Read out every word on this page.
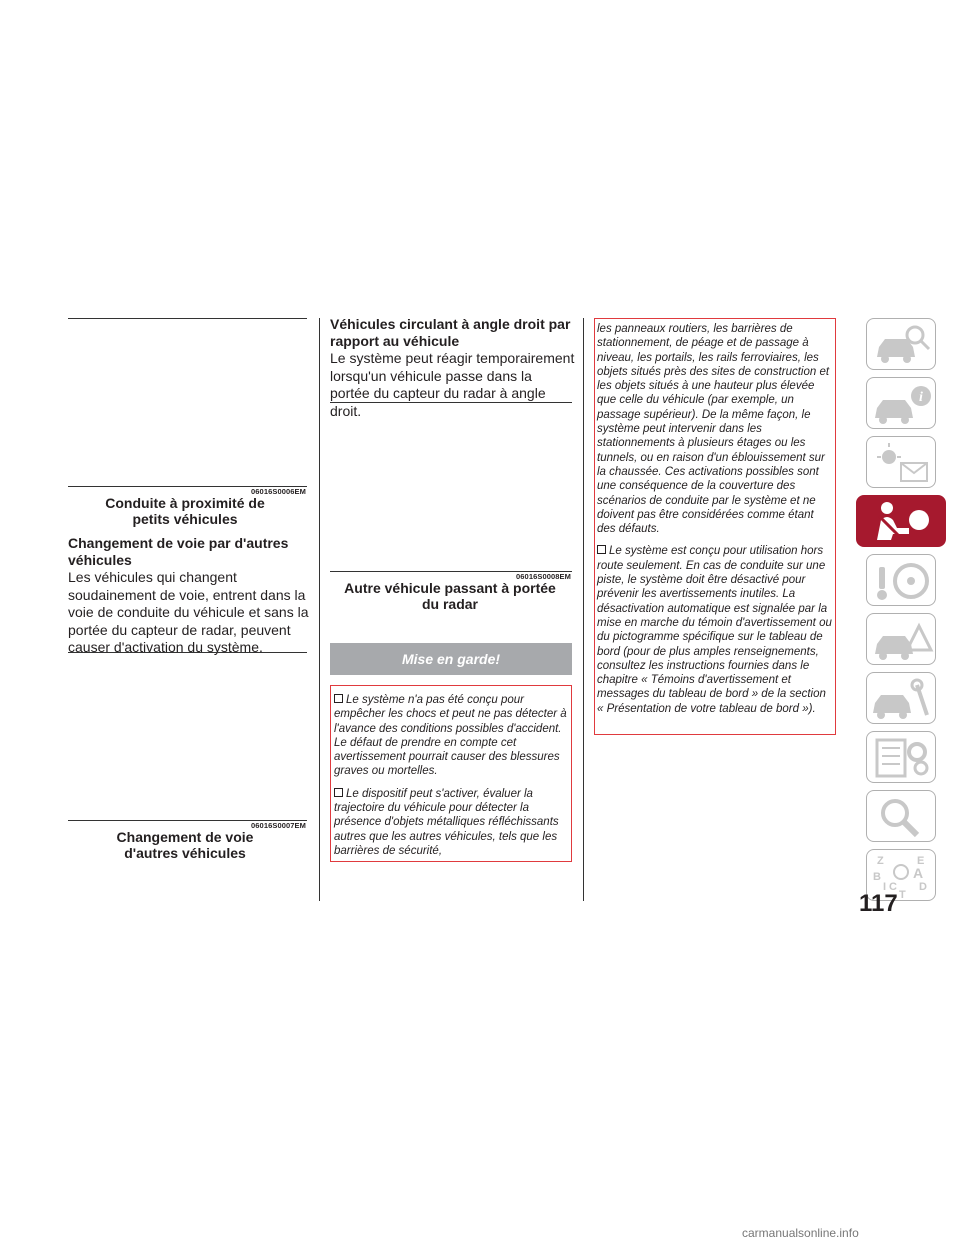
06016S0006EM
Conduite à proximité de petits véhicules
Changement de voie par d'autres véhicules
Les véhicules qui changent soudainement de voie, entrent dans la voie de conduite du véhicule et sans la portée du capteur de radar, peuvent causer d'activation du système.
06016S0007EM
Changement de voie d'autres véhicules
Véhicules circulant à angle droit par rapport au véhicule
Le système peut réagir temporairement lorsqu'un véhicule passe dans la portée du capteur du radar à angle droit.
06016S0008EM
Autre véhicule passant à portée du radar
Mise en garde!
Le système n'a pas été conçu pour empêcher les chocs et peut ne pas détecter à l'avance des conditions possibles d'accident. Le défaut de prendre en compte cet avertissement pourrait causer des blessures graves ou mortelles.
Le dispositif peut s'activer, évaluer la trajectoire du véhicule pour détecter la présence d'objets métalliques réfléchissants autres que les autres véhicules, tels que les barrières de sécurité,
les panneaux routiers, les barrières de stationnement, de péage et de passage à niveau, les portails, les rails ferroviaires, les objets situés près des sites de construction et les objets situés à une hauteur plus élevée que celle du véhicule (par exemple, un passage supérieur). De la même façon, le système peut intervenir dans les stationnements à plusieurs étages ou les tunnels, ou en raison d'un éblouissement sur la chaussée. Ces activations possibles sont une conséquence de la couverture des scénarios de conduite par le système et ne doivent pas être considérées comme étant des défauts.
Le système est conçu pour utilisation hors route seulement. En cas de conduite sur une piste, le système doit être désactivé pour prévenir les avertissements inutiles. La désactivation automatique est signalée par la mise en marche du témoin d'avertissement ou du pictogramme spécifique sur le tableau de bord (pour de plus amples renseignements, consultez les instructions fournies dans le chapitre « Témoins d'avertissement et messages du tableau de bord » de la section « Présentation de votre tableau de bord »).
i
Z	E
A
B
I C
T
D
117
carmanualsonline.info
